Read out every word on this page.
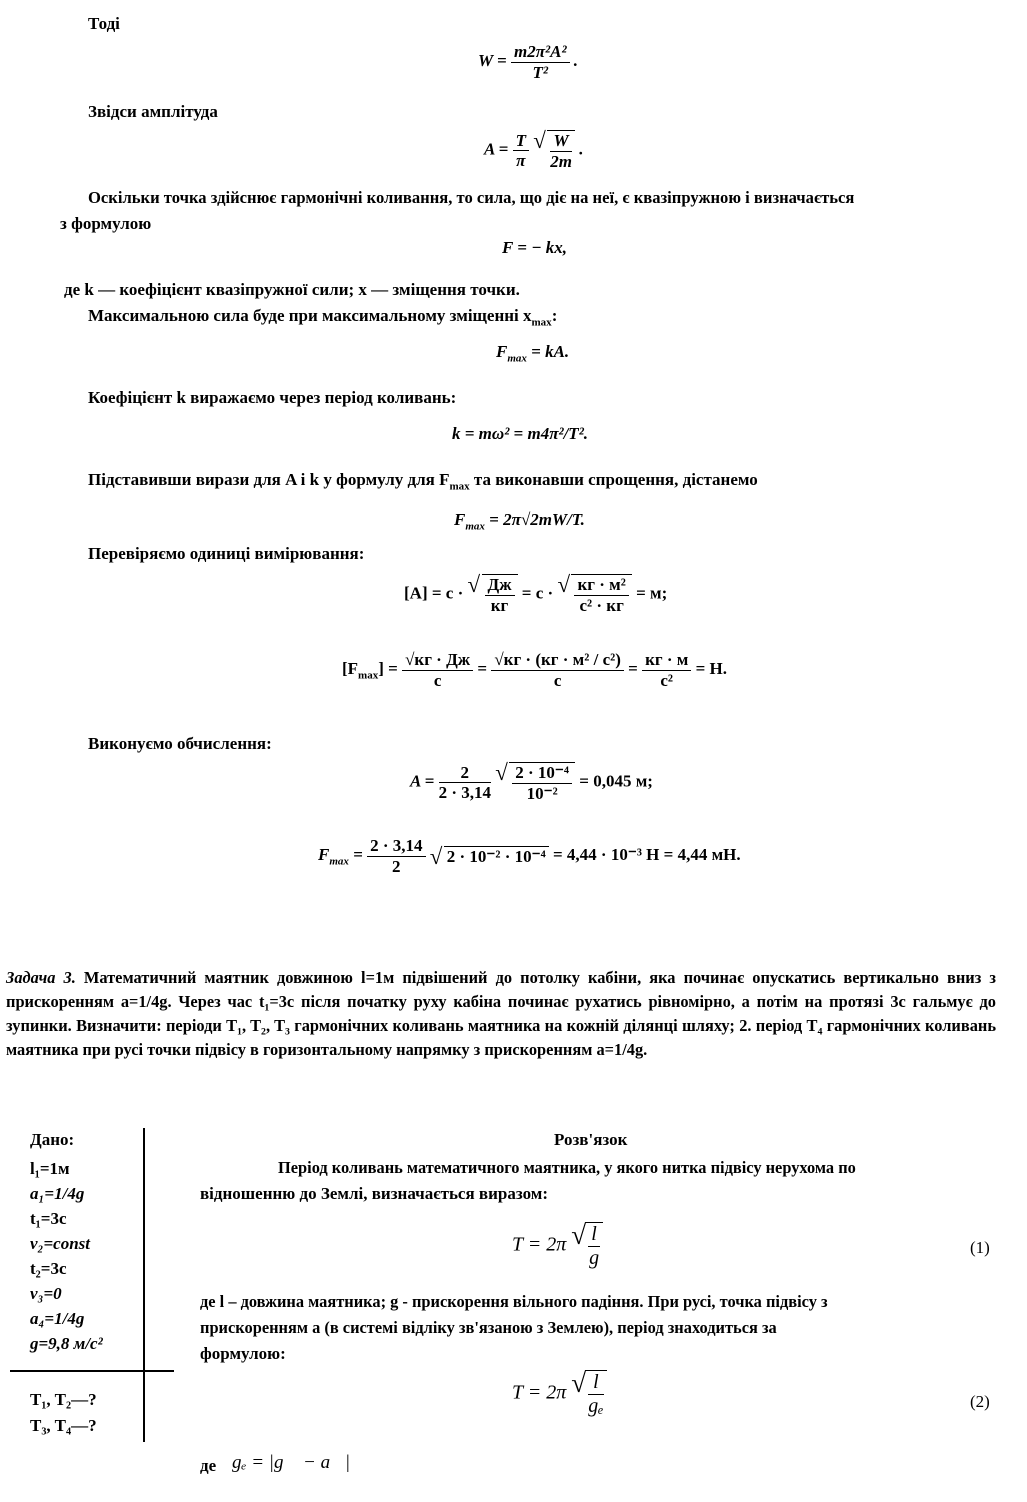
Тоді
$W = \frac{\text{m2π²A²}}{\text{T²}}$ .
Звідси амплітуда
$A = \frac{T}{\pi}$
√ $\frac{W}{2m}$ .
Оскільки точка здійснює гармонічні коливання, то сила, що діє на неї, є квазіпружною і визначається
з формулою
F = − kx,
де k — коефіцієнт квазіпружної сили; x — зміщення точки.
Максимальною сила буде при максимальному зміщенні $x_{max}$:
$F_{max}$ = kA.
Коефіцієнт k виражаємо через період коливань:
k = mω² = m4π²/T².
Підставивши вирази для A і k у формулу для $F_{max}$ та виконавши спрощення, дістанемо
$F_{max} = 2\pi√2mW/T$.
Перевіряємо одиниці вимірювання:
[A] = с · √ $\frac{Дж}{кг} = с$ · √ $\frac{\text{кг · м²}}{\text{с² · кг}} = м$;
$[F_{max}] = \frac{√кг \cdot Дж}{с} = \frac{\text{√кг · (кг · м² / с²)}}{с} = \frac{кг \cdot м}{\text{с²}} = Н$.
Виконуємо обчислення:
$A = \frac{2}{2 \cdot 3,14}$
√ $\frac{\text{2 · 10⁻⁴}}{\text{10⁻²}} = 0,045$ м;
$F_{max} = \frac{2 \cdot 3,14}{2}$ √ 2 · 10⁻² · 10⁻⁴ = 4,44 · 10⁻³ Н = 4,44 мН.
Задача 3. Математичний маятник довжиною l=1м підвішений до потолку кабіни, яка починає опускатись вертикально вниз з прискоренням a=1/4g. Через час t₁=3с після початку руху кабіна починає рухатись рівномірно, а потім на протязі 3с гальмує до зупинки. Визначити: періоди T₁, T₂, T₃ гармонічних коливань маятника на кожній ділянці шляху; 2. період T₄ гармонічних коливань маятника при русі точки підвісу в горизонтальному напрямку з прискоренням a=1/4g.
Дано:
l₁=1м
a₁=1/4g
t₁=3с
v₂=const
t₂=3с
v₃=0
a₄=1/4g
g=9,8 м/с²
T₁, T₂—?
T₃, T₄—?
Розв'язок
Період коливань математичного маятника, у якого нитка підвісу нерухома по
відношенню до Землі, визначається виразом:
T = 2π √ $\frac{l}{g}$	(1)
де l – довжина маятника; g - прискорення вільного падіння. При русі, точка підвісу з
прискоренням a (в системі відліку зв'язаною з Землею), період знаходиться за
формулою:
T = 2π √ $\frac{l}{\text{gₑ}}$	(2)
де gₑ = |g⃗ − a⃗|
